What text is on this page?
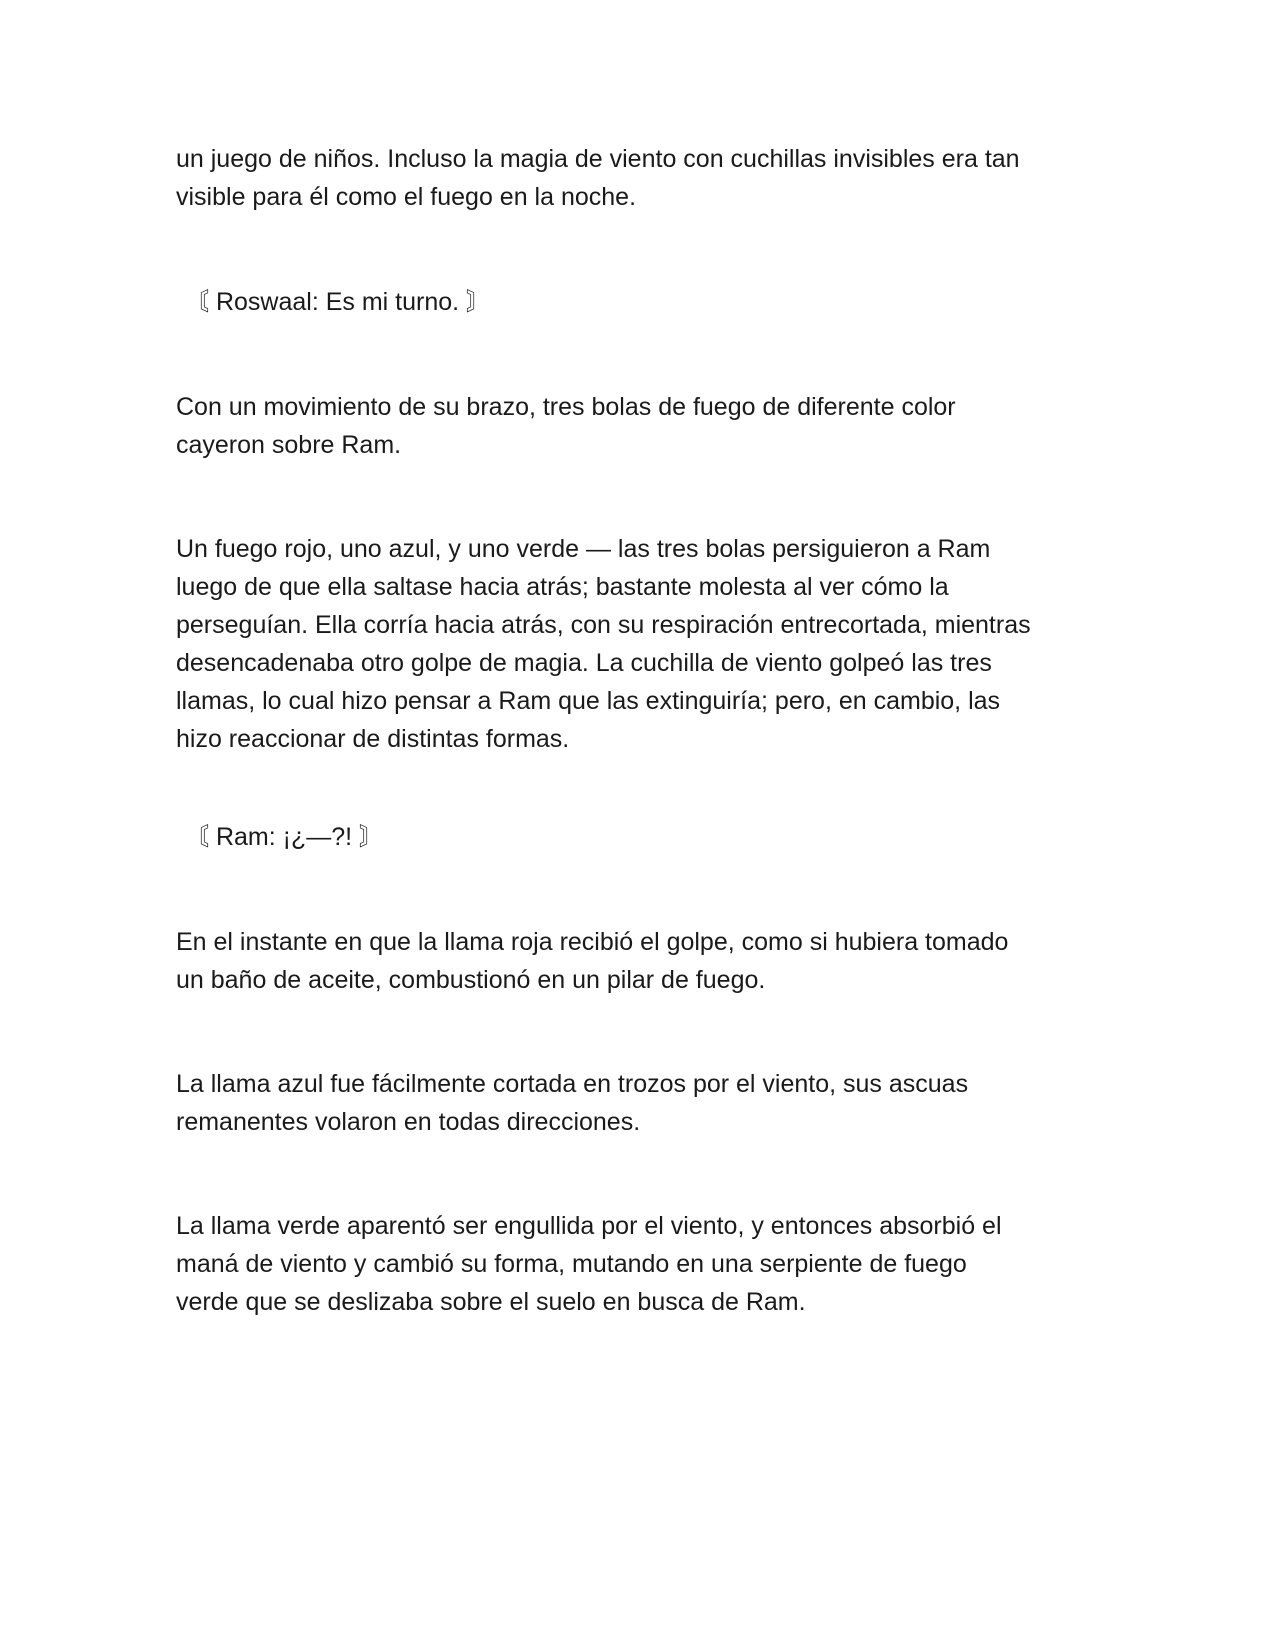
un juego de niños. Incluso la magia de viento con cuchillas invisibles era tan
visible para él como el fuego en la noche.

〘 Roswaal: Es mi turno. 〙

Con un movimiento de su brazo, tres bolas de fuego de diferente color
cayeron sobre Ram.

Un fuego rojo, uno azul, y uno verde — las tres bolas persiguieron a Ram
luego de que ella saltase hacia atrás; bastante molesta al ver cómo la
perseguían. Ella corría hacia atrás, con su respiración entrecortada, mientras
desencadenaba otro golpe de magia. La cuchilla de viento golpeó las tres
llamas, lo cual hizo pensar a Ram que las extinguiría; pero, en cambio, las
hizo reaccionar de distintas formas.

〘 Ram: ¡¿—?! 〙

En el instante en que la llama roja recibió el golpe, como si hubiera tomado
un baño de aceite, combustionó en un pilar de fuego.

La llama azul fue fácilmente cortada en trozos por el viento, sus ascuas
remanentes volaron en todas direcciones.

La llama verde aparentó ser engullida por el viento, y entonces absorbió el
maná de viento y cambió su forma, mutando en una serpiente de fuego
verde que se deslizaba sobre el suelo en busca de Ram.
